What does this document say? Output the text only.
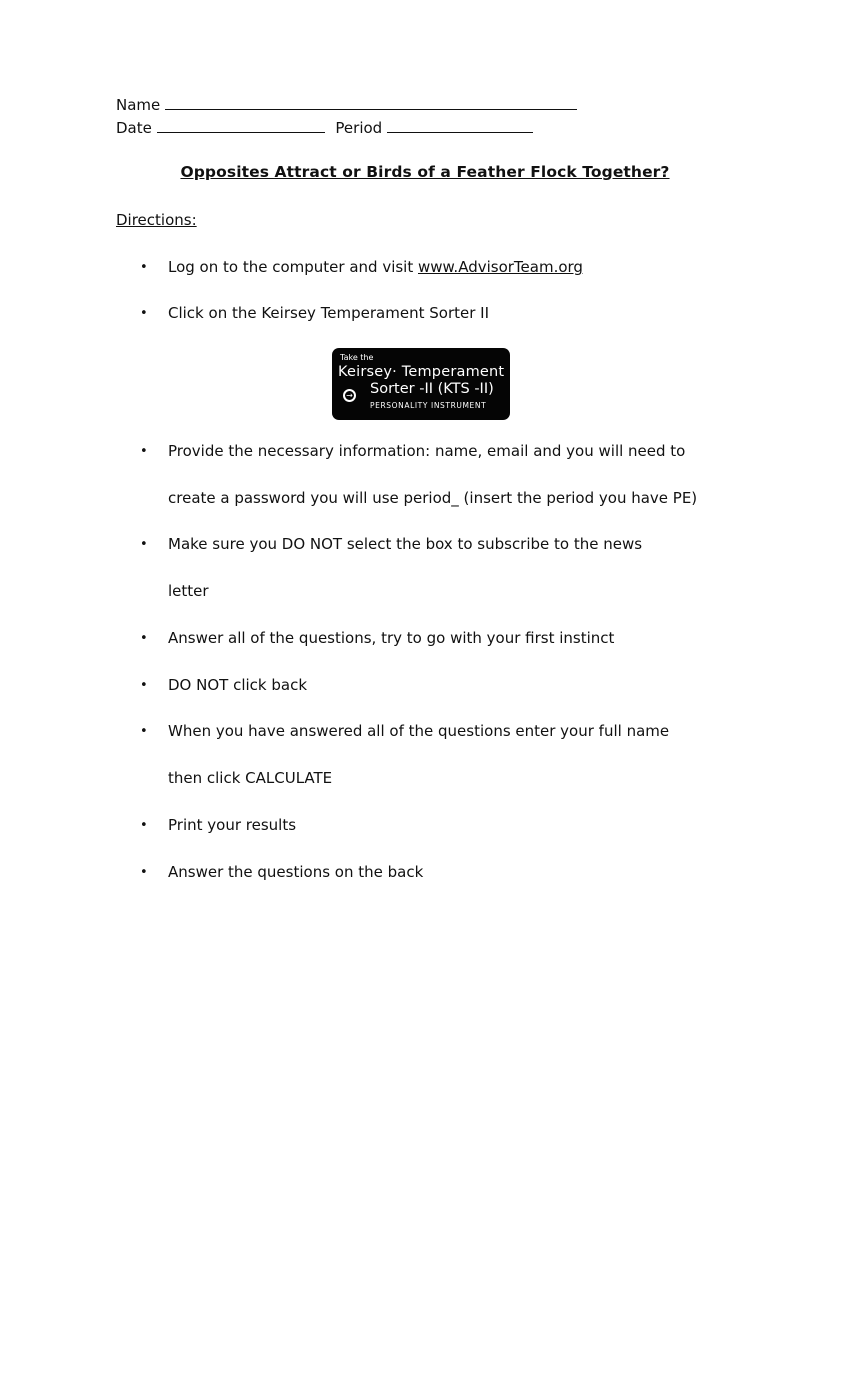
Name
Date	Period
Opposites Attract or Birds of a Feather Flock Together?
Directions:
• Log on to the computer and visit www.AdvisorTeam.org
• Click on the Keirsey Temperament Sorter II
• Provide the necessary information: name, email and you will need to
create a password you will use period_ (insert the period you have PE)
• Make sure you DO NOT select the box to subscribe to the news
letter
• Answer all of the questions, try to go with your first instinct
• DO NOT click back
• When you have answered all of the questions enter your full name
then click CALCULATE
• Print your results
• Answer the questions on the back
Take the
Keirsey· Temperament
→ Sorter -II (KTS -II)
PERSONALITY INSTRUMENT
